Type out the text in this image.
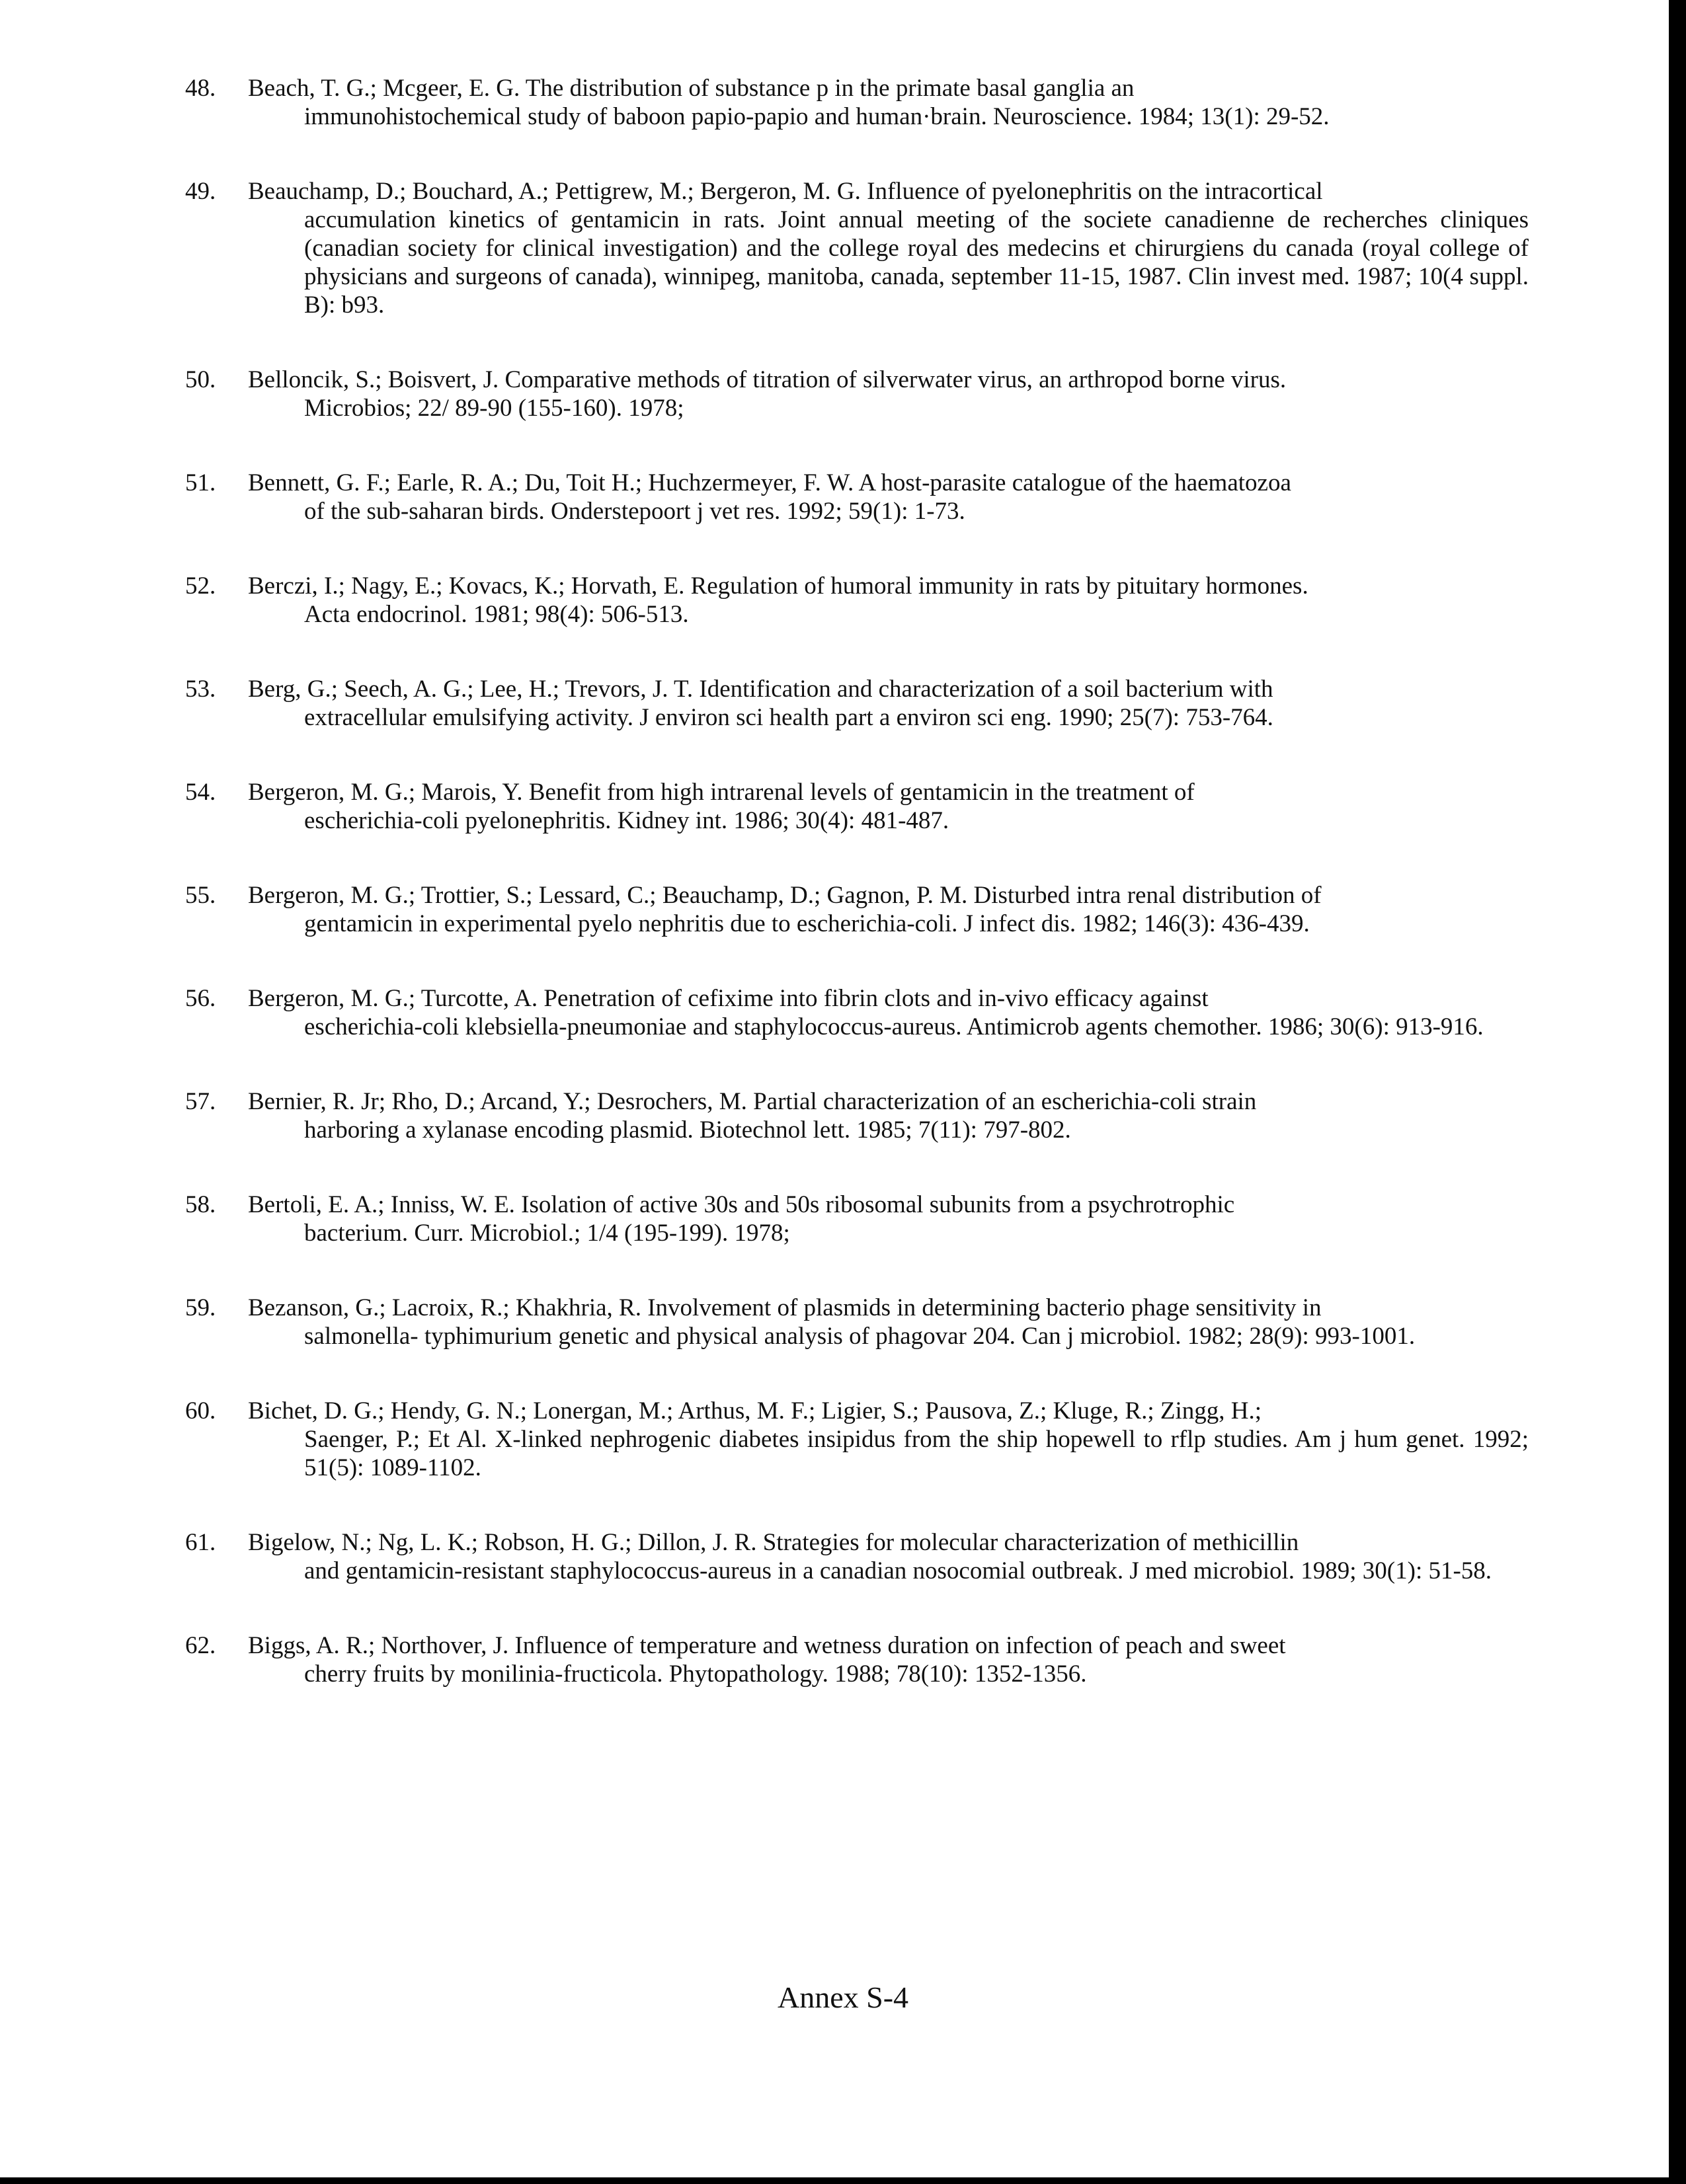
48.	Beach, T. G.; Mcgeer, E. G. The distribution of substance p in the primate basal ganglia an
immunohistochemical study of baboon papio-papio and human·brain. Neuroscience. 1984; 13(1): 29-52.
49.	Beauchamp, D.; Bouchard, A.; Pettigrew, M.; Bergeron, M. G. Influence of pyelonephritis on the intracortical
accumulation kinetics of gentamicin in rats. Joint annual meeting of the societe canadienne de recherches cliniques (canadian society for clinical investigation) and the college royal des medecins et chirurgiens du canada (royal college of physicians and surgeons of canada), winnipeg, manitoba, canada, september 11-15, 1987. Clin invest med. 1987; 10(4 suppl. B): b93.
50.	Belloncik, S.; Boisvert, J. Comparative methods of titration of silverwater virus, an arthropod borne virus.
Microbios; 22/ 89-90 (155-160). 1978;
51.	Bennett, G. F.; Earle, R. A.; Du, Toit H.; Huchzermeyer, F. W. A host-parasite catalogue of the haematozoa
of the sub-saharan birds. Onderstepoort j vet res. 1992; 59(1): 1-73.
52.	Berczi, I.; Nagy, E.; Kovacs, K.; Horvath, E. Regulation of humoral immunity in rats by pituitary hormones.
Acta endocrinol. 1981; 98(4): 506-513.
53.	Berg, G.; Seech, A. G.; Lee, H.; Trevors, J. T. Identification and characterization of a soil bacterium with
extracellular emulsifying activity. J environ sci health part a environ sci eng. 1990; 25(7): 753-764.
54.	Bergeron, M. G.; Marois, Y. Benefit from high intrarenal levels of gentamicin in the treatment of
escherichia-coli pyelonephritis. Kidney int. 1986; 30(4): 481-487.
55.	Bergeron, M. G.; Trottier, S.; Lessard, C.; Beauchamp, D.; Gagnon, P. M. Disturbed intra renal distribution of
gentamicin in experimental pyelo nephritis due to escherichia-coli. J infect dis. 1982; 146(3): 436-439.
56.	Bergeron, M. G.; Turcotte, A. Penetration of cefixime into fibrin clots and in-vivo efficacy against
escherichia-coli klebsiella-pneumoniae and staphylococcus-aureus. Antimicrob agents chemother. 1986; 30(6): 913-916.
57.	Bernier, R. Jr; Rho, D.; Arcand, Y.; Desrochers, M. Partial characterization of an escherichia-coli strain
harboring a xylanase encoding plasmid. Biotechnol lett. 1985; 7(11): 797-802.
58.	Bertoli, E. A.; Inniss, W. E. Isolation of active 30s and 50s ribosomal subunits from a psychrotrophic
bacterium. Curr. Microbiol.; 1/4 (195-199). 1978;
59.	Bezanson, G.; Lacroix, R.; Khakhria, R. Involvement of plasmids in determining bacterio phage sensitivity in
salmonella- typhimurium genetic and physical analysis of phagovar 204. Can j microbiol. 1982; 28(9): 993-1001.
60.	Bichet, D. G.; Hendy, G. N.; Lonergan, M.; Arthus, M. F.; Ligier, S.; Pausova, Z.; Kluge, R.; Zingg, H.;
Saenger, P.; Et Al. X-linked nephrogenic diabetes insipidus from the ship hopewell to rflp studies. Am j hum genet. 1992; 51(5): 1089-1102.
61.	Bigelow, N.; Ng, L. K.; Robson, H. G.; Dillon, J. R. Strategies for molecular characterization of methicillin
and gentamicin-resistant staphylococcus-aureus in a canadian nosocomial outbreak. J med microbiol. 1989; 30(1): 51-58.
62.	Biggs, A. R.; Northover, J. Influence of temperature and wetness duration on infection of peach and sweet
cherry fruits by monilinia-fructicola. Phytopathology. 1988; 78(10): 1352-1356.
Annex S-4
